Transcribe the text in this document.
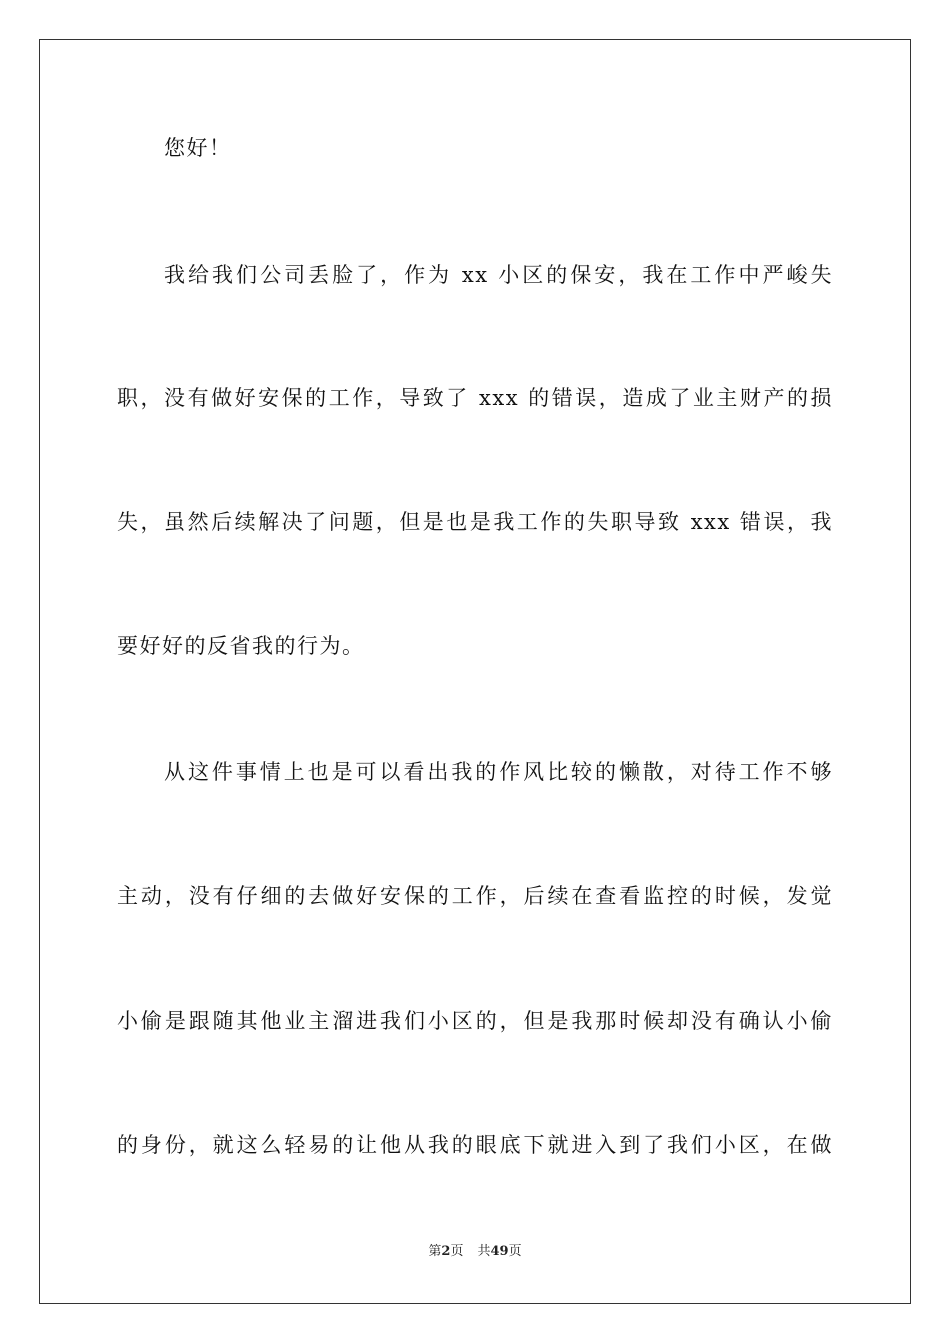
您好！
我给我们公司丢脸了，作为 xx 小区的保安，我在工作中严峻失
职，没有做好安保的工作，导致了 xxx 的错误，造成了业主财产的损
失，虽然后续解决了问题，但是也是我工作的失职导致 xxx 错误，我
要好好的反省我的行为。
从这件事情上也是可以看出我的作风比较的懒散，对待工作不够
主动，没有仔细的去做好安保的工作，后续在查看监控的时候，发觉
小偷是跟随其他业主溜进我们小区的，但是我那时候却没有确认小偷
的身份，就这么轻易的让他从我的眼底下就进入到了我们小区，在做
第2页 共49页
